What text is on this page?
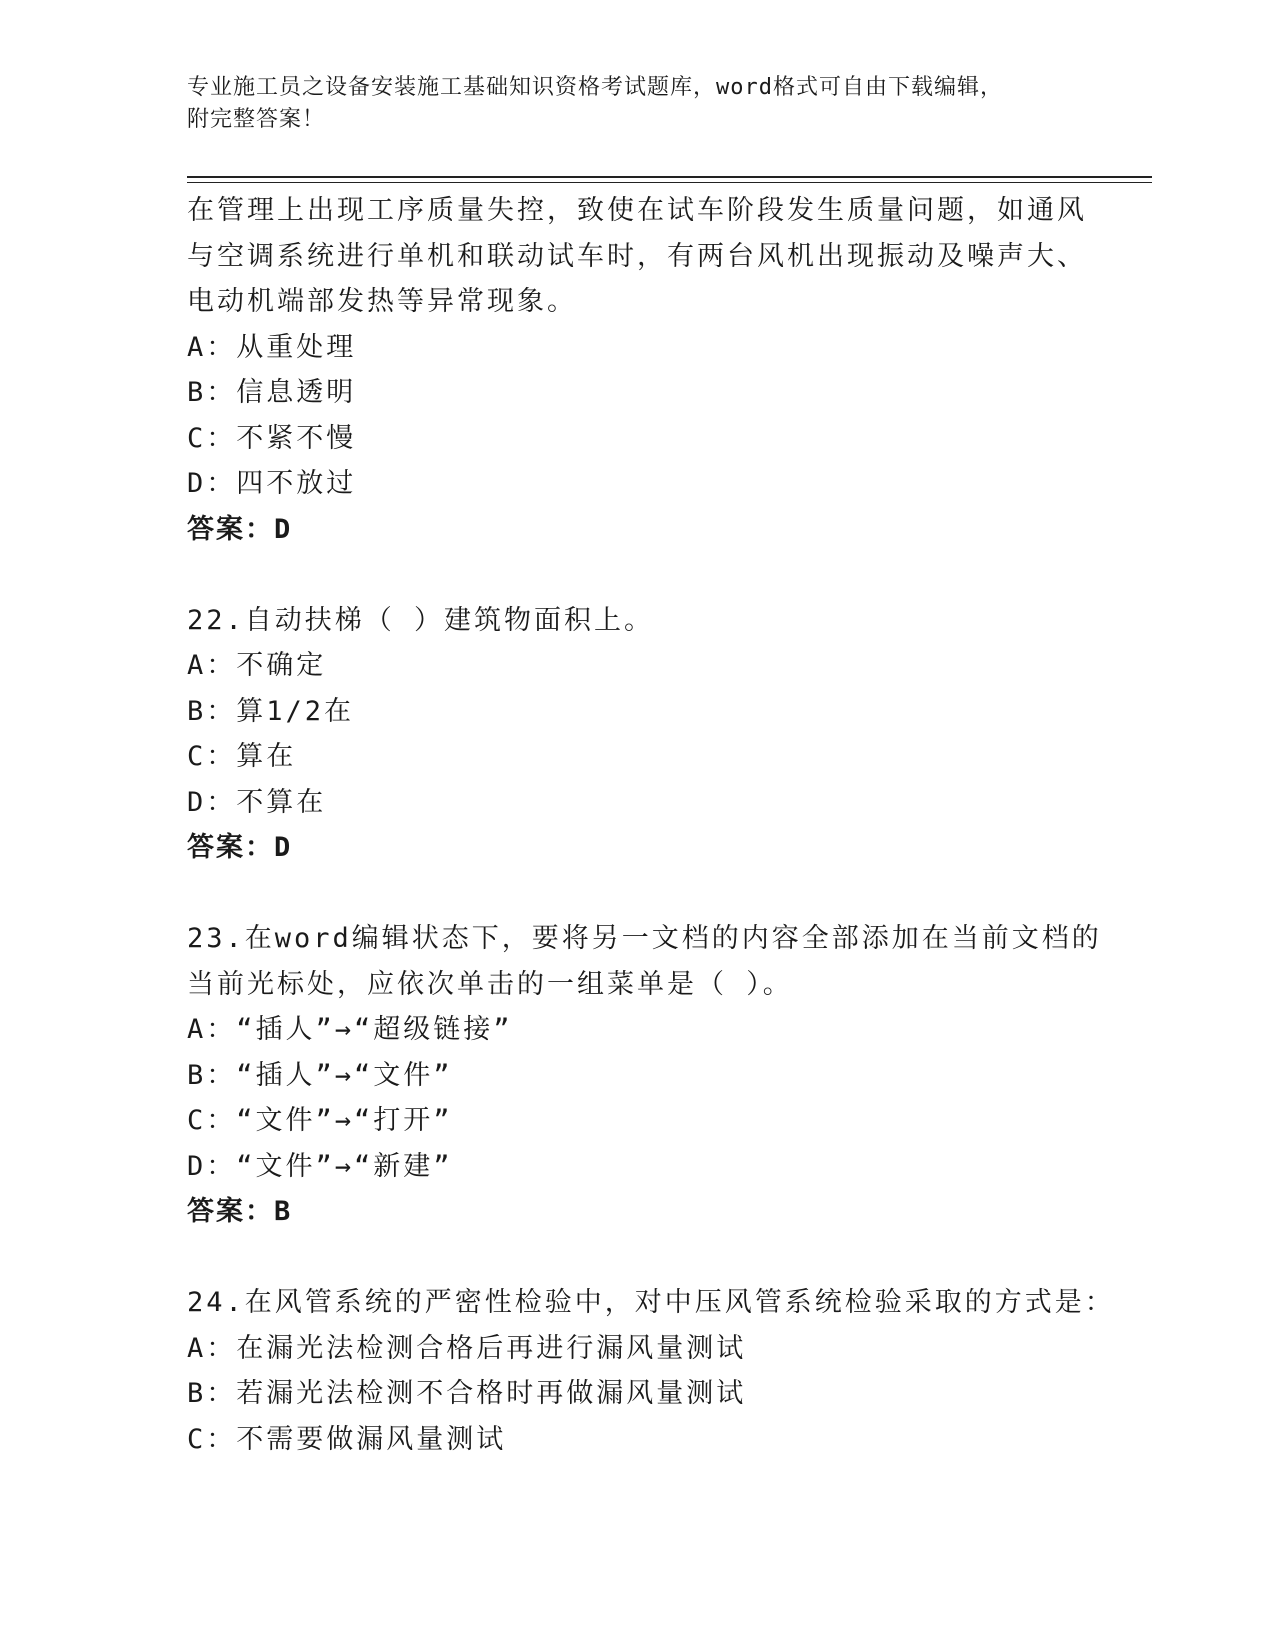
专业施工员之设备安装施工基础知识资格考试题库，word格式可自由下载编辑，
附完整答案！
在管理上出现工序质量失控，致使在试车阶段发生质量问题，如通风
与空调系统进行单机和联动试车时，有两台风机出现振动及噪声大、
电动机端部发热等异常现象。
A：从重处理
B：信息透明
C：不紧不慢
D：四不放过
答案：D
22.自动扶梯（ ）建筑物面积上。
A：不确定
B：算1/2在
C：算在
D：不算在
答案：D
23.在word编辑状态下，要将另一文档的内容全部添加在当前文档的
当前光标处，应依次单击的一组菜单是（ ）。
A：“插人”→“超级链接”
B：“插人”→“文件”
C：“文件”→“打开”
D：“文件”→“新建”
答案：B
24.在风管系统的严密性检验中，对中压风管系统检验采取的方式是：
A：在漏光法检测合格后再进行漏风量测试
B：若漏光法检测不合格时再做漏风量测试
C：不需要做漏风量测试
